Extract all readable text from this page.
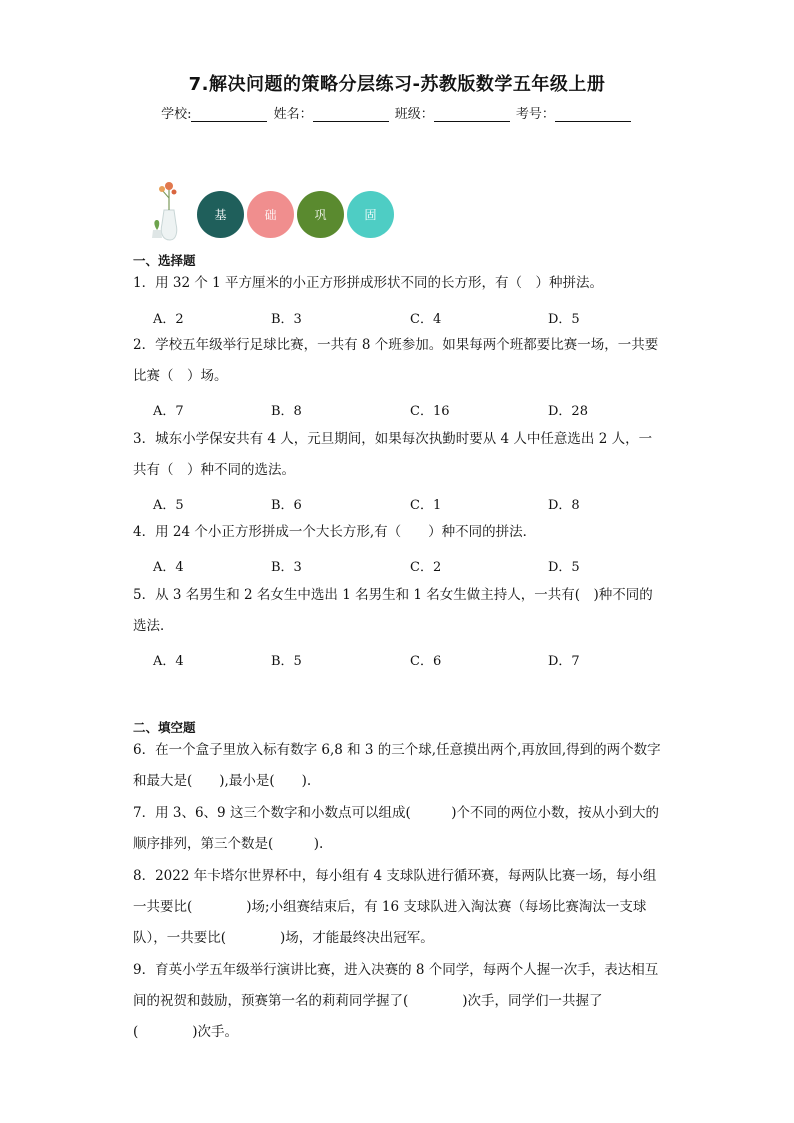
7.解决问题的策略分层练习-苏教版数学五年级上册
学校:	姓名：	班级：	考号：
基	础	巩	固
一、选择题
1．用 32 个 1 平方厘米的小正方形拼成形状不同的长方形，有（　）种拼法。
A．2	B．3	C．4	D．5
2．学校五年级举行足球比赛，一共有 8 个班参加。如果每两个班都要比赛一场，一共要比赛（　）场。
A．7	B．8	C．16	D．28
3．城东小学保安共有 4 人，元旦期间，如果每次执勤时要从 4 人中任意选出 2 人，一共有（　）种不同的选法。
A．5	B．6	C．1	D．8
4．用 24 个小正方形拼成一个大长方形,有（　　）种不同的拼法．
A．4	B．3	C．2	D．5
5．从 3 名男生和 2 名女生中选出 1 名男生和 1 名女生做主持人，一共有(　)种不同的选法．
A．4	B．5	C．6	D．7
二、填空题
6．在一个盒子里放入标有数字 6,8 和 3 的三个球,任意摸出两个,再放回,得到的两个数字和最大是(　　),最小是(　　).
7．用 3、6、9 这三个数字和小数点可以组成(　　　)个不同的两位小数，按从小到大的顺序排列，第三个数是(　　　).
8．2022 年卡塔尔世界杯中，每小组有 4 支球队进行循环赛，每两队比赛一场，每小组一共要比(　　　　)场;小组赛结束后，有 16 支球队进入淘汰赛（每场比赛淘汰一支球队），一共要比(　　　　)场，才能最终决出冠军。
9．育英小学五年级举行演讲比赛，进入决赛的 8 个同学，每两个人握一次手，表达相互间的祝贺和鼓励，预赛第一名的莉莉同学握了(　　　　)次手，同学们一共握了(　　　　)次手。
